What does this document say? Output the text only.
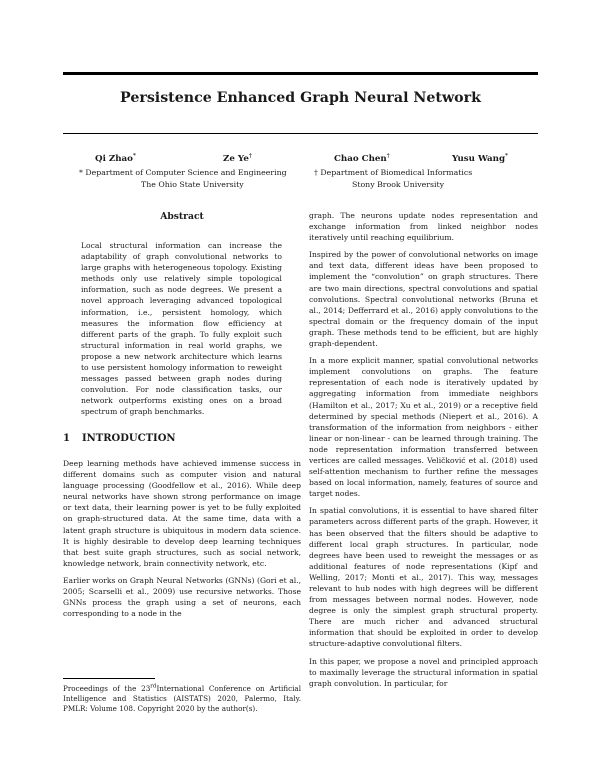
Persistence Enhanced Graph Neural Network
Qi Zhao*	Ze Ye†	Chao Chen†	Yusu Wang*
* Department of Computer Science and Engineering
The Ohio State University
† Department of Biomedical Informatics
Stony Brook University
Abstract
Local structural information can increase the adaptability of graph convolutional networks to large graphs with heterogeneous topology. Existing methods only use relatively simple topological information, such as node degrees. We present a novel approach leveraging advanced topological information, i.e., persistent homology, which measures the information flow efficiency at different parts of the graph. To fully exploit such structural information in real world graphs, we propose a new network architecture which learns to use persistent homology information to reweight messages passed between graph nodes during convolution. For node classification tasks, our network outperforms existing ones on a broad spectrum of graph benchmarks.
1 INTRODUCTION

Deep learning methods have achieved immense success in different domains such as computer vision and natural language processing (Goodfellow et al., 2016). While deep neural networks have shown strong performance on image or text data, their learning power is yet to be fully exploited on graph-structured data. At the same time, data with a latent graph structure is ubiquitous in modern data science. It is highly desirable to develop deep learning techniques that best suite graph structures, such as social network, knowledge network, brain connectivity network, etc.

Earlier works on Graph Neural Networks (GNNs) (Gori et al., 2005; Scarselli et al., 2009) use recursive networks. Those GNNs process the graph using a set of neurons, each corresponding to a node in the

Proceedings of the 23rdInternational Conference on Artificial Intelligence and Statistics (AISTATS) 2020, Palermo, Italy. PMLR: Volume 108. Copyright 2020 by the author(s).

graph. The neurons update nodes representation and exchange information from linked neighbor nodes iteratively until reaching equilibrium.

Inspired by the power of convolutional networks on image and text data, different ideas have been proposed to implement the “convolution” on graph structures. There are two main directions, spectral convolutions and spatial convolutions. Spectral convolutional networks (Bruna et al., 2014; Defferrard et al., 2016) apply convolutions to the spectral domain or the frequency domain of the input graph. These methods tend to be efficient, but are highly graph-dependent.

In a more explicit manner, spatial convolutional networks implement convolutions on graphs. The feature representation of each node is iteratively updated by aggregating information from immediate neighbors (Hamilton et al., 2017; Xu et al., 2019) or a receptive field determined by special methods (Niepert et al., 2016). A transformation of the information from neighbors - either linear or non-linear - can be learned through training. The node representation information transferred between vertices are called messages. Veličković et al. (2018) used self-attention mechanism to further refine the messages based on local information, namely, features of source and target nodes.

In spatial convolutions, it is essential to have shared filter parameters across different parts of the graph. However, it has been observed that the filters should be adaptive to different local graph structures. In particular, node degrees have been used to reweight the messages or as additional features of node representations (Kipf and Welling, 2017; Monti et al., 2017). This way, messages relevant to hub nodes with high degrees will be different from messages between normal nodes. However, node degree is only the simplest graph structural property. There are much richer and advanced structural information that should be exploited in order to develop structure-adaptive convolutional filters.

In this paper, we propose a novel and principled approach to maximally leverage the structural information in spatial graph convolution. In particular, for
